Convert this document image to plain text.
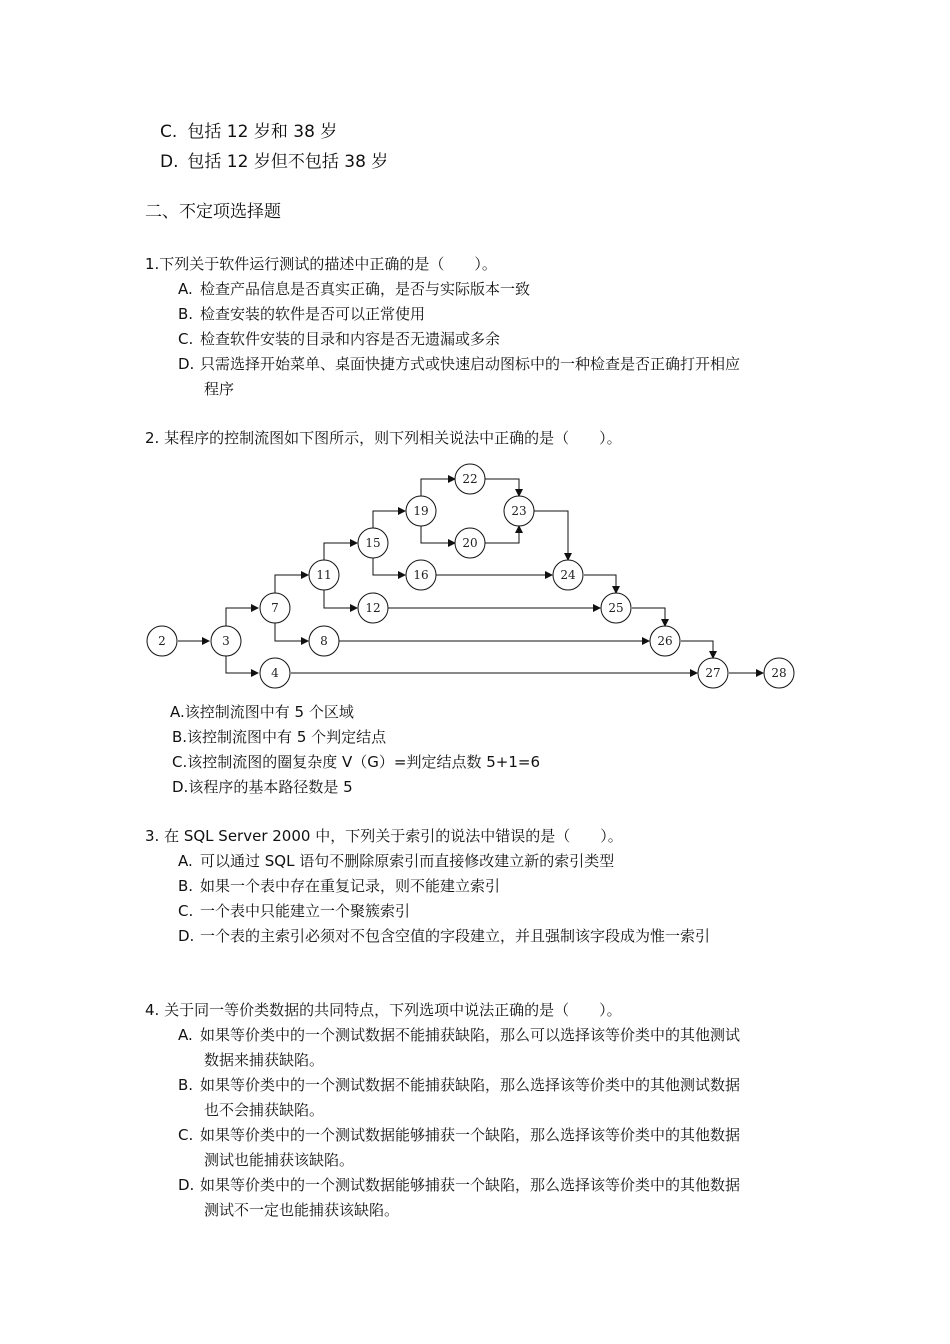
C. 包括 12 岁和 38 岁
D. 包括 12 岁但不包括 38 岁
二、不定项选择题
1.下列关于软件运行测试的描述中正确的是（　　）。
A. 检查产品信息是否真实正确，是否与实际版本一致
B. 检查安装的软件是否可以正常使用
C. 检查软件安装的目录和内容是否无遗漏或多余
D. 只需选择开始菜单、桌面快捷方式或快速启动图标中的一种检查是否正确打开相应
程序
2. 某程序的控制流图如下图所示，则下列相关说法中正确的是（　　）。
2	3
4
7
8
11
12
15
16
19
20
22
23
24
25
26
27	28
A.该控制流图中有 5 个区域
B.该控制流图中有 5 个判定结点
C.该控制流图的圈复杂度 V（G）=判定结点数 5+1=6
D.该程序的基本路径数是 5
3. 在 SQL Server 2000 中，下列关于索引的说法中错误的是（　　）。
A. 可以通过 SQL 语句不删除原索引而直接修改建立新的索引类型
B. 如果一个表中存在重复记录，则不能建立索引
C. 一个表中只能建立一个聚簇索引
D. 一个表的主索引必须对不包含空值的字段建立，并且强制该字段成为惟一索引
4. 关于同一等价类数据的共同特点，下列选项中说法正确的是（　　）。
A. 如果等价类中的一个测试数据不能捕获缺陷，那么可以选择该等价类中的其他测试
数据来捕获缺陷。
B. 如果等价类中的一个测试数据不能捕获缺陷，那么选择该等价类中的其他测试数据
也不会捕获缺陷。
C. 如果等价类中的一个测试数据能够捕获一个缺陷，那么选择该等价类中的其他数据
测试也能捕获该缺陷。
D. 如果等价类中的一个测试数据能够捕获一个缺陷，那么选择该等价类中的其他数据
测试不一定也能捕获该缺陷。
